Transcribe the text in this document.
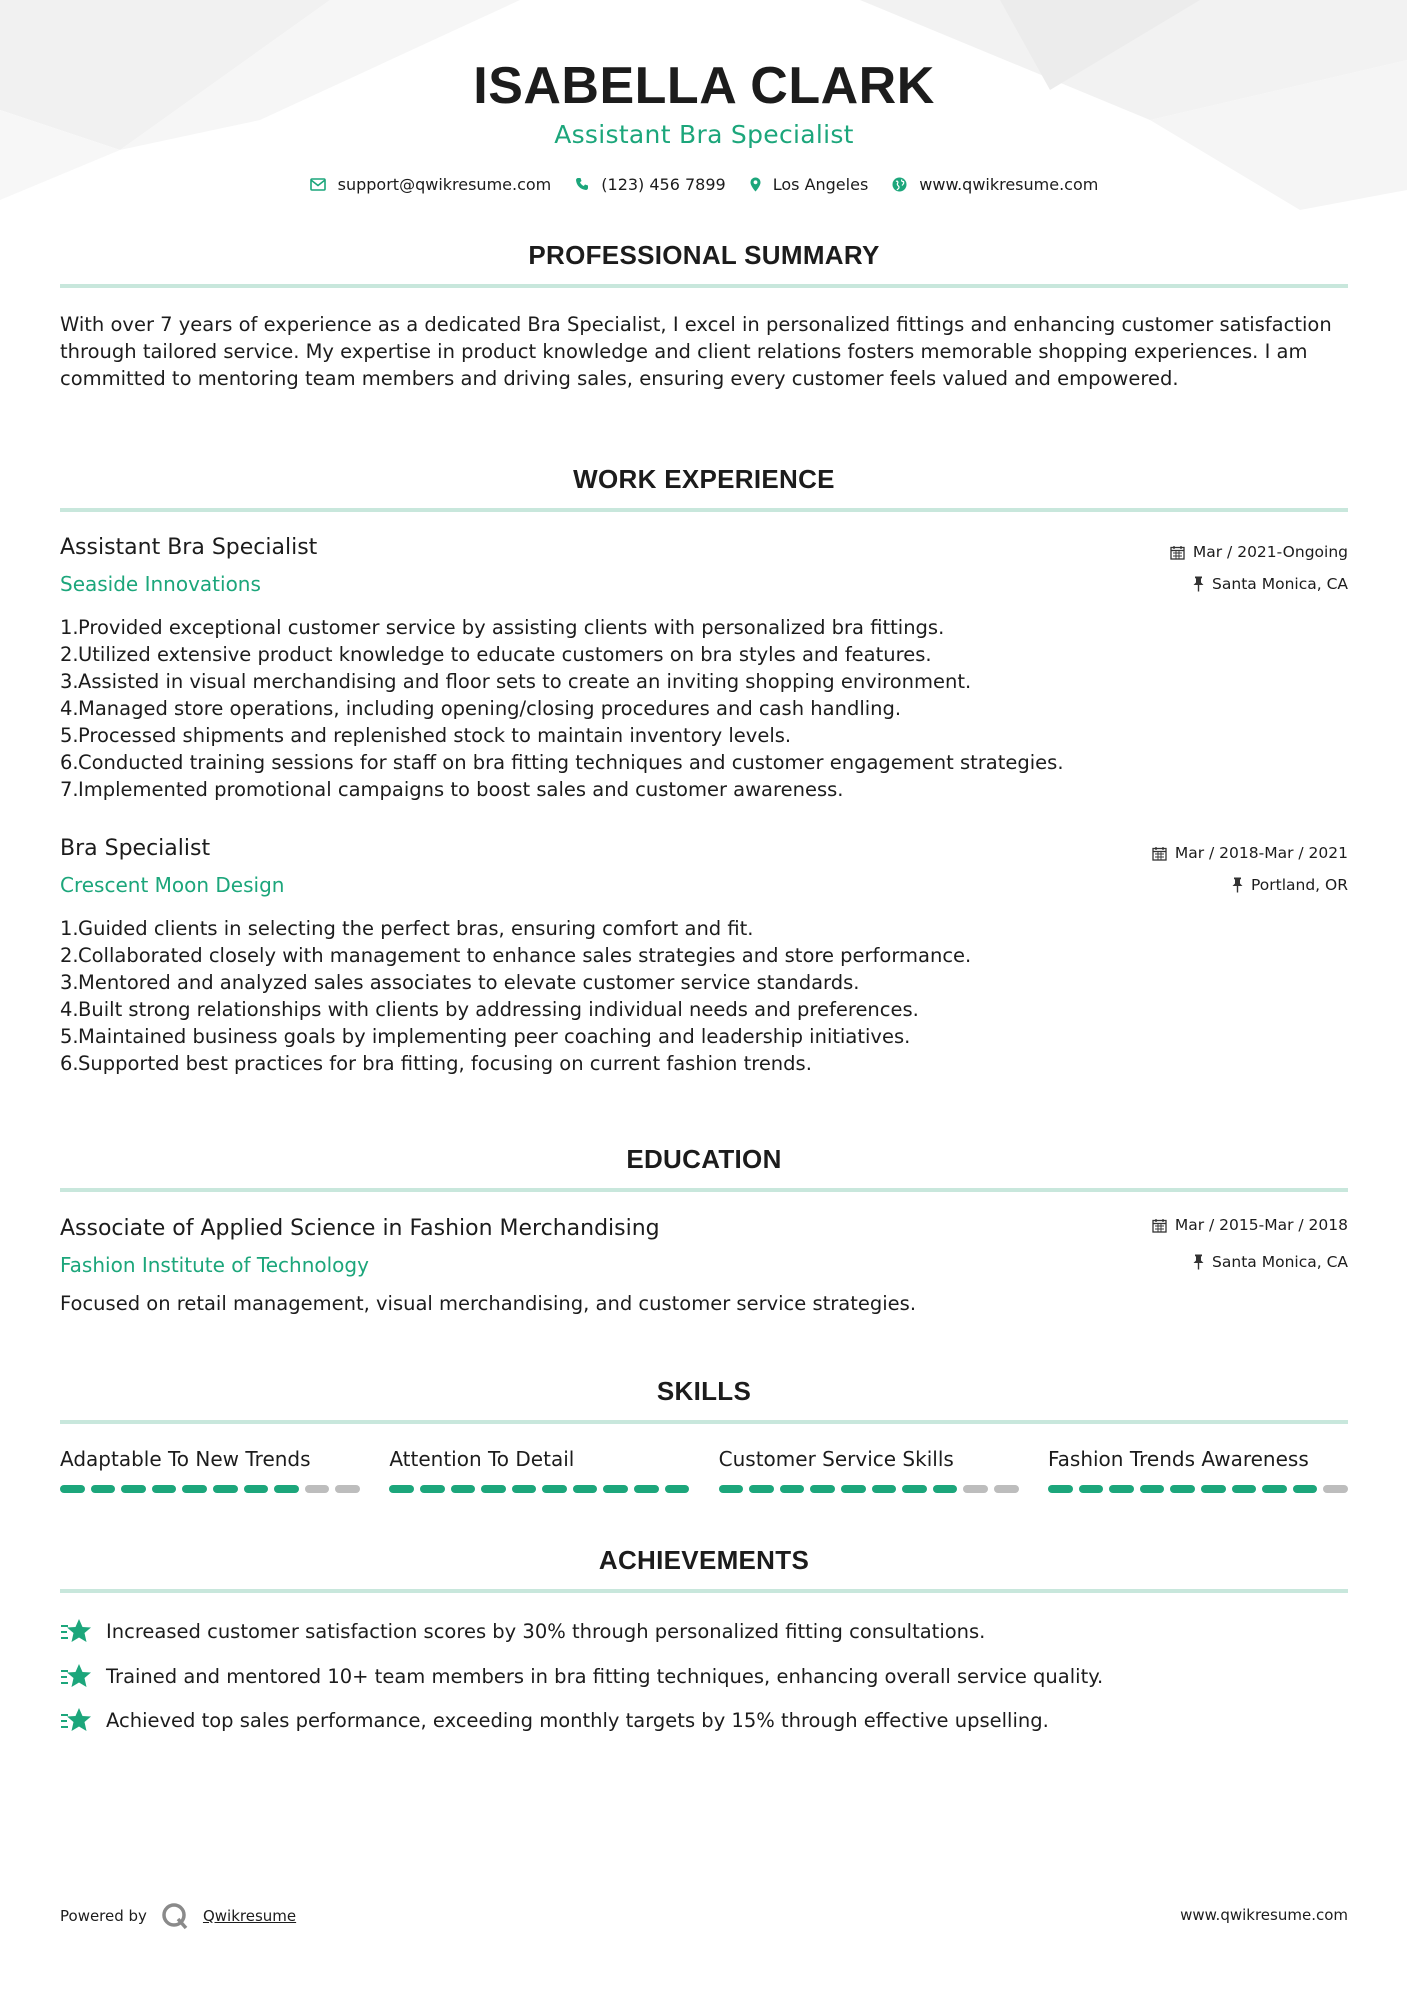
ISABELLA CLARK
Assistant Bra Specialist
support@qwikresume.com	(123) 456 7899	Los Angeles	www.qwikresume.com
PROFESSIONAL SUMMARY
With over 7 years of experience as a dedicated Bra Specialist, I excel in personalized fittings and enhancing customer satisfaction through tailored service. My expertise in product knowledge and client relations fosters memorable shopping experiences. I am committed to mentoring team members and driving sales, ensuring every customer feels valued and empowered.
WORK EXPERIENCE
Assistant Bra Specialist	Mar / 2021-Ongoing
Seaside Innovations	Santa Monica, CA
1. Provided exceptional customer service by assisting clients with personalized bra fittings.
2. Utilized extensive product knowledge to educate customers on bra styles and features.
3. Assisted in visual merchandising and floor sets to create an inviting shopping environment.
4. Managed store operations, including opening/closing procedures and cash handling.
5. Processed shipments and replenished stock to maintain inventory levels.
6. Conducted training sessions for staff on bra fitting techniques and customer engagement strategies.
7. Implemented promotional campaigns to boost sales and customer awareness.
Bra Specialist	Mar / 2018-Mar / 2021
Crescent Moon Design	Portland, OR
1. Guided clients in selecting the perfect bras, ensuring comfort and fit.
2. Collaborated closely with management to enhance sales strategies and store performance.
3. Mentored and analyzed sales associates to elevate customer service standards.
4. Built strong relationships with clients by addressing individual needs and preferences.
5. Maintained business goals by implementing peer coaching and leadership initiatives.
6. Supported best practices for bra fitting, focusing on current fashion trends.
EDUCATION
Associate of Applied Science in Fashion Merchandising	Mar / 2015-Mar / 2018
Fashion Institute of Technology	Santa Monica, CA
Focused on retail management, visual merchandising, and customer service strategies.
SKILLS
Adaptable To New Trends	Attention To Detail	Customer Service Skills	Fashion Trends Awareness
ACHIEVEMENTS
Increased customer satisfaction scores by 30% through personalized fitting consultations.
Trained and mentored 10+ team members in bra fitting techniques, enhancing overall service quality.
Achieved top sales performance, exceeding monthly targets by 15% through effective upselling.
Powered by	Qwikresume	www.qwikresume.com
